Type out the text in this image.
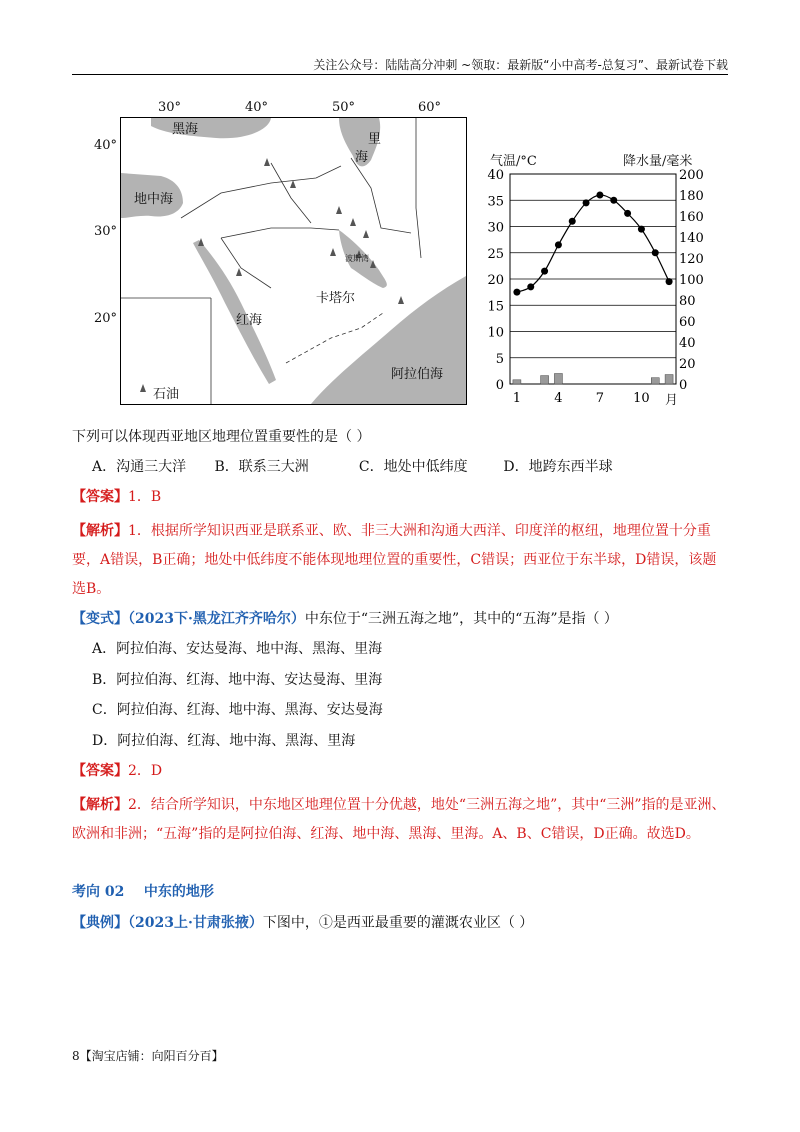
关注公众号：陆陆高分冲刺 ~领取：最新版“小中高考-总复习”、最新试卷下载
30°	40°	50°	60°
40°
30°
20°
黑海
里
海
地中海
波斯湾
卡塔尔
红海
阿拉伯海
石油
气温/°C	降水量/毫米
月
0
5
10
15
20
25
30
35
40
0
20
40
60
80
100
120
140
160
180
200
1	4	7 10
下列可以体现西亚地区地理位置重要性的是（ ）
A．沟通三大洋 B．联系三大洲	C．地处中低纬度	D．地跨东西半球
【答案】1．B
【解析】1．根据所学知识西亚是联系亚、欧、非三大洲和沟通大西洋、印度洋的枢纽，地理位置十分重要，A错误，B正确；地处中低纬度不能体现地理位置的重要性，C错误；西亚位于东半球，D错误，该题选B。
【变式】（2023下·黑龙江齐齐哈尔）中东位于“三洲五海之地”，其中的“五海”是指（ ）
A．阿拉伯海、安达曼海、地中海、黑海、里海
B．阿拉伯海、红海、地中海、安达曼海、里海
C．阿拉伯海、红海、地中海、黑海、安达曼海
D．阿拉伯海、红海、地中海、黑海、里海
【答案】2．D
【解析】2．结合所学知识，中东地区地理位置十分优越，地处“三洲五海之地”，其中“三洲”指的是亚洲、欧洲和非洲；“五海”指的是阿拉伯海、红海、地中海、黑海、里海。A、B、C错误，D正确。故选D。
考向 02    中东的地形
【典例】（2023上·甘肃张掖）下图中，①是西亚最重要的灌溉农业区（ ）
8【淘宝店铺：向阳百分百】
